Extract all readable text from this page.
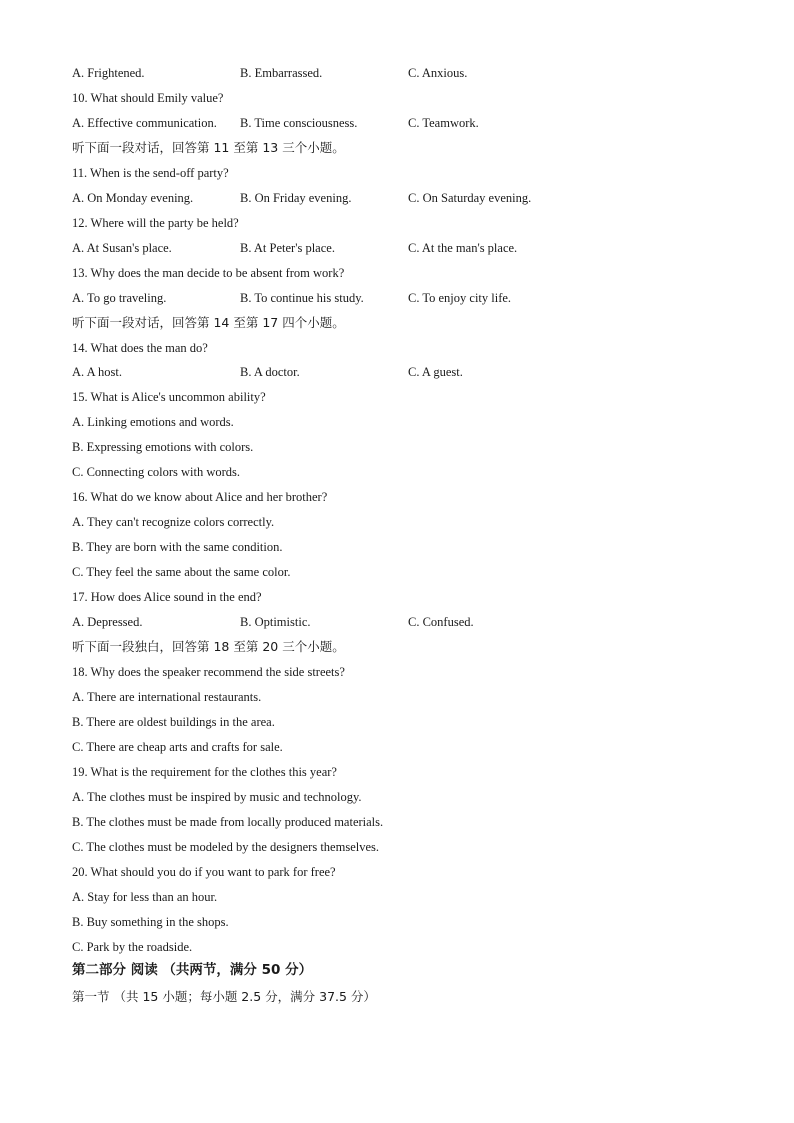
A. Frightened.	B. Embarrassed.	C. Anxious.
10. What should Emily value?
A. Effective communication. B. Time consciousness.	C. Teamwork.
听下面一段对话，回答第 11 至第 13 三个小题。
11. When is the send-off party?
A. On Monday evening.	B. On Friday evening.	C. On Saturday evening.
12. Where will the party be held?
A. At Susan's place.	B. At Peter's place.	C. At the man's place.
13. Why does the man decide to be absent from work?
A. To go traveling.	B. To continue his study.	C. To enjoy city life.
听下面一段对话，回答第 14 至第 17 四个小题。
14. What does the man do?
A. A host.	B. A doctor.	C. A guest.
15. What is Alice's uncommon ability?
A. Linking emotions and words.
B. Expressing emotions with colors.
C. Connecting colors with words.
16. What do we know about Alice and her brother?
A. They can't recognize colors correctly.
B. They are born with the same condition.
C. They feel the same about the same color.
17. How does Alice sound in the end?
A. Depressed.	B. Optimistic.	C. Confused.
听下面一段独白，回答第 18 至第 20 三个小题。
18. Why does the speaker recommend the side streets?
A. There are international restaurants.
B. There are oldest buildings in the area.
C. There are cheap arts and crafts for sale.
19. What is the requirement for the clothes this year?
A. The clothes must be inspired by music and technology.
B. The clothes must be made from locally produced materials.
C. The clothes must be modeled by the designers themselves.
20. What should you do if you want to park for free?
A. Stay for less than an hour.
B. Buy something in the shops.
C. Park by the roadside.
第二部分 阅读 （共两节，满分 50 分）
第一节 （共 15 小题；每小题 2.5 分，满分 37.5 分）
